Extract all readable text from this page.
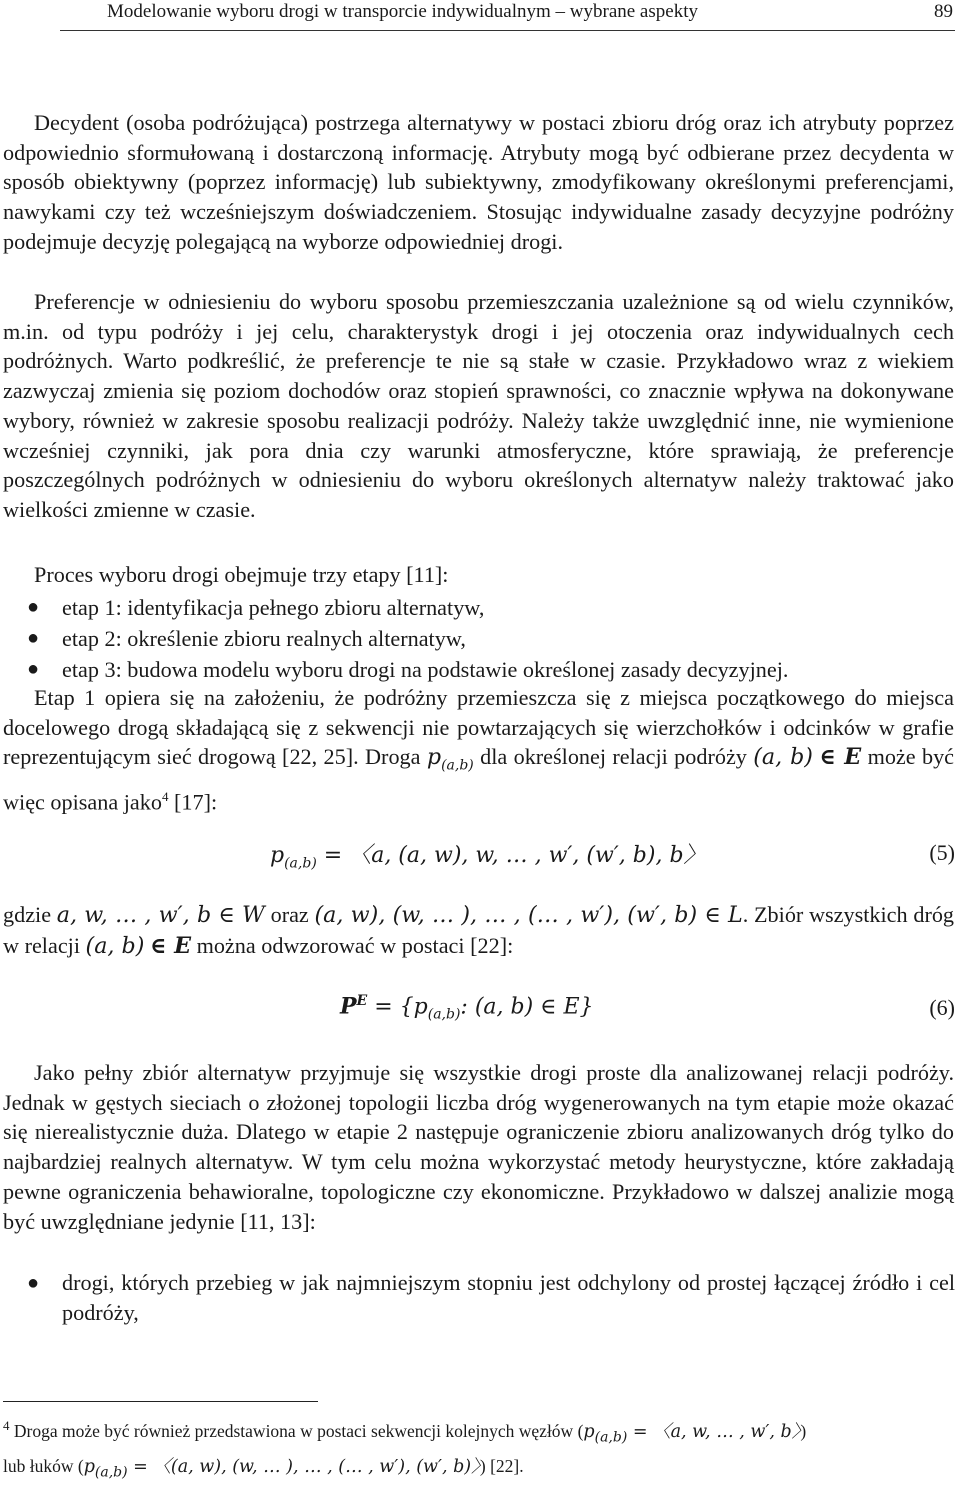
Modelowanie wyboru drogi w transporcie indywidualnym – wybrane aspekty	89

Decydent (osoba podróżująca) postrzega alternatywy w postaci zbioru dróg oraz ich atrybuty poprzez odpowiednio sformułowaną i dostarczoną informację. Atrybuty mogą być odbierane przez decydenta w sposób obiektywny (poprzez informację) lub subiektywny, zmodyfikowany określonymi preferencjami, nawykami czy też wcześniejszym doświadczeniem. Stosując indywidualne zasady decyzyjne podróżny podejmuje decyzję polegającą na wyborze odpowiedniej drogi.

Preferencje w odniesieniu do wyboru sposobu przemieszczania uzależnione są od wielu czynników, m.in. od typu podróży i jej celu, charakterystyk drogi i jej otoczenia oraz indywidualnych cech podróżnych. Warto podkreślić, że preferencje te nie są stałe w czasie. Przykładowo wraz z wiekiem zazwyczaj zmienia się poziom dochodów oraz stopień sprawności, co znacznie wpływa na dokonywane wybory, również w zakresie sposobu realizacji podróży. Należy także uwzględnić inne, nie wymienione wcześniej czynniki, jak pora dnia czy warunki atmosferyczne, które sprawiają, że preferencje poszczególnych podróżnych w odniesieniu do wyboru określonych alternatyw należy traktować jako wielkości zmienne w czasie.

Proces wyboru drogi obejmuje trzy etapy [11]:

● etap 1: identyfikacja pełnego zbioru alternatyw,
● etap 2: określenie zbioru realnych alternatyw,
● etap 3: budowa modelu wyboru drogi na podstawie określonej zasady decyzyjnej.

Etap 1 opiera się na założeniu, że podróżny przemieszcza się z miejsca początkowego do miejsca docelowego drogą składającą się z sekwencji nie powtarzających się wierzchołków i odcinków w grafie reprezentującym sieć drogową [22, 25]. Droga $p_{(a,b)}$ dla określonej relacji podróży (a, b) ∈ E może być więc opisana jako$^4$ [17]:

$p_{(a,b)}$ = 〈a, (a, w), w, … , w′, (w′, b), b〉	(5)

gdzie a, w, … , w′, b ∈ W oraz (a, w), (w, … ), … , (… , w′), (w′, b) ∈ L. Zbiór wszystkich dróg w relacji (a, b) ∈ E można odwzorować w postaci [22]:

$P^E = \{p_{(a,b)}$: (a, b) ∈ E}	(6)

Jako pełny zbiór alternatyw przyjmuje się wszystkie drogi proste dla analizowanej relacji podróży. Jednak w gęstych sieciach o złożonej topologii liczba dróg wygenerowanych na tym etapie może okazać się nierealistycznie duża. Dlatego w etapie 2 następuje ograniczenie zbioru analizowanych dróg tylko do najbardziej realnych alternatyw. W tym celu można wykorzystać metody heurystyczne, które zakładają pewne ograniczenia behawioralne, topologiczne czy ekonomiczne. Przykładowo w dalszej analizie mogą być uwzględniane jedynie [11, 13]:

● drogi, których przebieg w jak najmniejszym stopniu jest odchylony od prostej łączącej źródło i cel podróży,

$^4$ Droga może być również przedstawiona w postaci sekwencji kolejnych węzłów ($p_{(a,b)}$ = 〈a, w, … , w′, b〉)
lub łuków ($p_{(a,b)}$ = 〈(a, w), (w, … ), … , (… , w′), (w′, b)〉) [22].
